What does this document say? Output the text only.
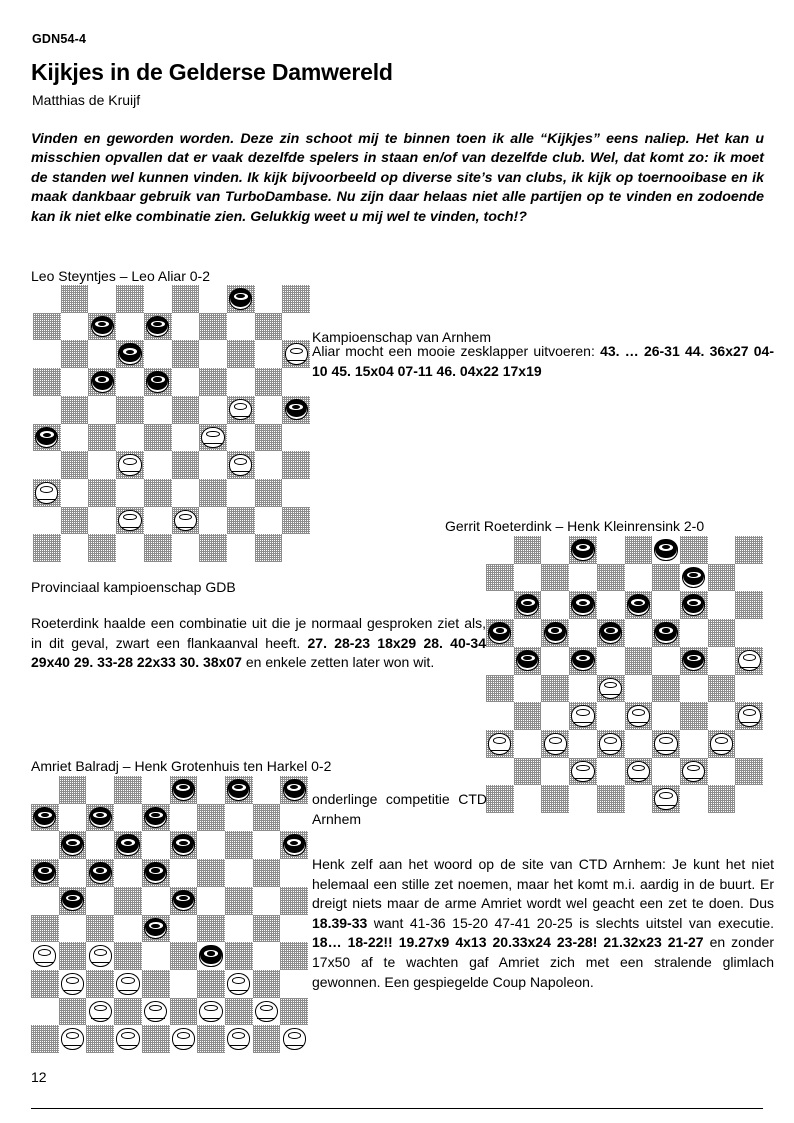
GDN54-4
Kijkjes in de Gelderse Damwereld
Matthias de Kruijf
Vinden en geworden worden. Deze zin schoot mij te binnen toen ik alle “Kijkjes” eens naliep. Het kan u misschien opvallen dat er vaak dezelfde spelers in staan en/of van dezelfde club. Wel, dat komt zo: ik moet de standen wel kunnen vinden. Ik kijk bijvoorbeeld op diverse site’s van clubs, ik kijk op toernooibase en ik maak dankbaar gebruik van TurboDambase. Nu zijn daar helaas niet alle partijen op te vinden en zodoende kan ik niet elke combinatie zien. Gelukkig weet u mij wel te vinden, toch!?
Leo Steyntjes – Leo Aliar 0-2
Kampioenschap van Arnhem
Aliar mocht een mooie zesklapper uitvoeren: 43. … 26-31 44. 36x27 04-10 45. 15x04 07-11 46. 04x22 17x19
Gerrit Roeterdink – Henk Kleinrensink 2-0
Provinciaal kampioenschap GDB
Roeterdink haalde een combinatie uit die je normaal gesproken ziet als, in dit geval, zwart een flankaanval heeft. 27. 28-23 18x29 28. 40-34 29x40 29. 33-28 22x33 30. 38x07 en enkele zetten later won wit.
Amriet Balradj – Henk Grotenhuis ten Harkel 0-2
onderlinge competitie CTD Arnhem
Henk zelf aan het woord op de site van CTD Arnhem: Je kunt het niet helemaal een stille zet noemen, maar het komt m.i. aardig in de buurt. Er dreigt niets maar de arme Amriet wordt wel geacht een zet te doen. Dus 18.39-33 want 41-36 15-20 47-41 20-25 is slechts uitstel van executie. 18… 18-22!! 19.27x9 4x13 20.33x24 23-28! 21.32x23 21-27 en zonder 17x50 af te wachten gaf Amriet zich met een stralende glimlach gewonnen. Een gespiegelde Coup Napoleon.
12
